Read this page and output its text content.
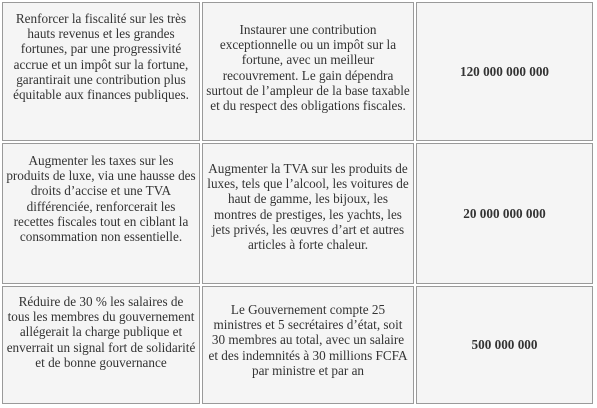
Renforcer la fiscalité sur les très hauts revenus et les grandes fortunes, par une progressivité accrue et un impôt sur la fortune, garantirait une contribution plus équitable aux finances publiques.	Instaurer une contribution exceptionnelle ou un impôt sur la fortune, avec un meilleur recouvrement. Le gain dépendra surtout de l’ampleur de la base taxable et du respect des obligations fiscales.	120 000 000 000
Augmenter les taxes sur les produits de luxe, via une hausse des droits d’accise et une TVA différenciée, renforcerait les recettes fiscales tout en ciblant la consommation non essentielle.	Augmenter la TVA sur les produits de luxes, tels que l’alcool, les voitures de haut de gamme, les bijoux, les montres de prestiges, les yachts, les jets privés, les œuvres d’art et autres articles à forte chaleur.	20 000 000 000
Réduire de 30 % les salaires de tous les membres du gouvernement allégerait la charge publique et enverrait un signal fort de solidarité et de bonne gouvernance	Le Gouvernement compte 25 ministres et 5 secrétaires d’état, soit 30 membres au total, avec un salaire et des indemnités à 30 millions FCFA par ministre et par an	500 000 000
